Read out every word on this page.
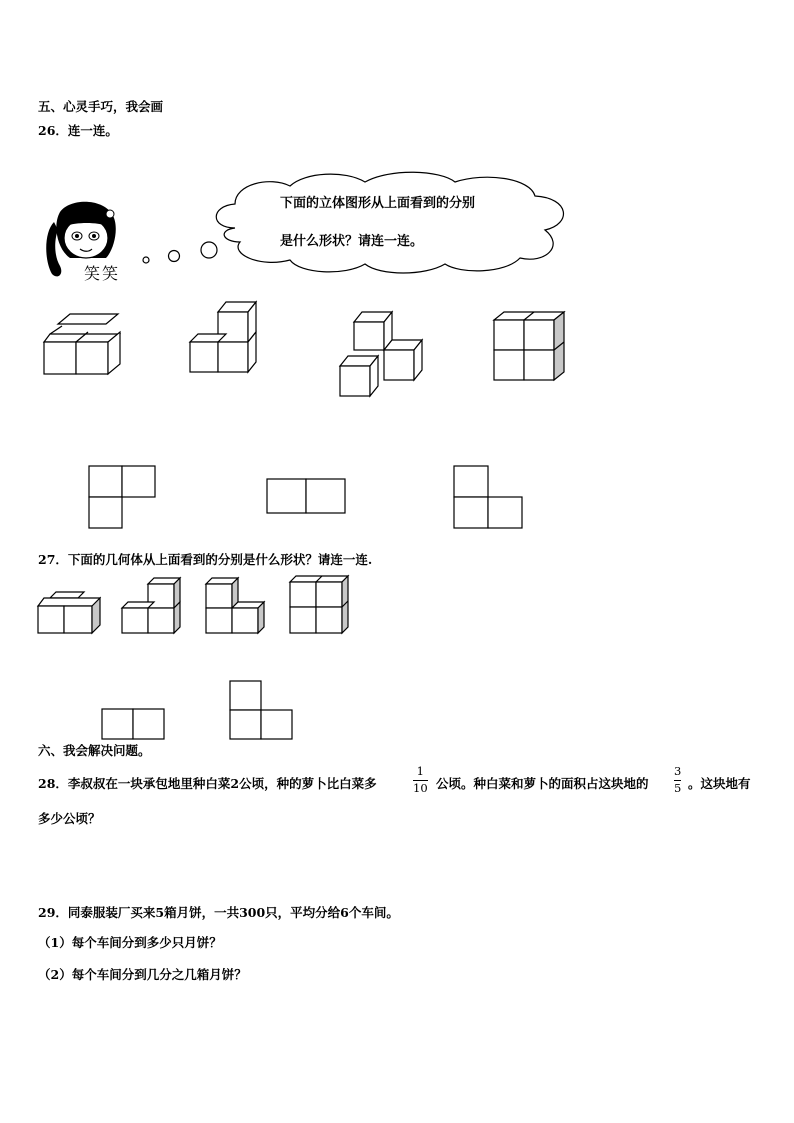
五、心灵手巧，我会画
26．连一连。
下面的立体图形从上面看到的分别
是什么形状？请连一连。
笑笑
27．下面的几何体从上面看到的分别是什么形状？请连一连.
六、我会解决问题。
28．李叔叔在一块承包地里种白菜2公顷，种的萝卜比白菜多
1
10 公顷。种白菜和萝卜的面积占这块地的
3
5 。这块地有
多少公顷？
29．同泰服装厂买来5箱月饼，一共300只，平均分给6个车间。
（1）每个车间分到多少只月饼？
（2）每个车间分到几分之几箱月饼？
